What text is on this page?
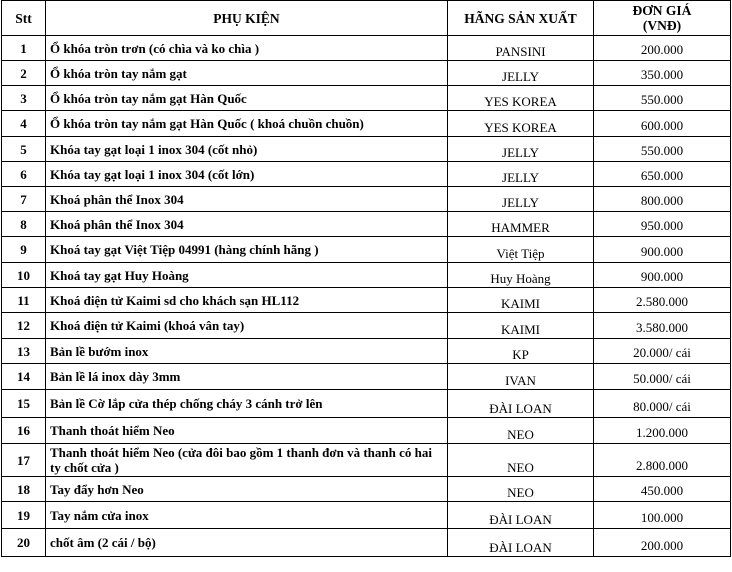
Stt	PHỤ KIỆN	HÃNG SẢN XUẤT	ĐƠN GIÁ
(VNĐ)

1	Ổ khóa tròn trơn (có chìa và ko chìa )	PANSINI	200.000
2	Ổ khóa tròn tay nắm gạt	JELLY	350.000
3	Ổ khóa tròn tay nắm gạt Hàn Quốc	YES KOREA	550.000
4	Ổ khóa tròn tay nắm gạt Hàn Quốc ( khoá chuồn chuồn)	YES KOREA	600.000
5	Khóa tay gạt loại 1 inox 304 (cốt nhỏ)	JELLY	550.000
6	Khóa tay gạt loại 1 inox 304 (cốt lớn)	JELLY	650.000
7	Khoá phân thể Inox 304	JELLY	800.000
8	Khoá phân thể Inox 304	HAMMER	950.000
9	Khoá tay gạt Việt Tiệp 04991 (hàng chính hãng )	Việt Tiệp	900.000
10	Khoá tay gạt Huy Hoàng	Huy Hoàng	900.000
11	Khoá điện tử Kaimi sd cho khách sạn HL112	KAIMI	2.580.000
12	Khoá điện tử Kaimi (khoá vân tay)	KAIMI	3.580.000
13	Bản lề bướm inox	KP	20.000/ cái
14	Bản lề lá inox dày 3mm	IVAN	50.000/ cái
15	Bản lề Cờ lắp cửa thép chống cháy 3 cánh trở lên	ĐÀI LOAN	80.000/ cái
16	Thanh thoát hiểm Neo	NEO	1.200.000
17	Thanh thoát hiểm Neo (cửa đôi bao gồm 1 thanh đơn và thanh có hai ty chốt cửa )	NEO	2.800.000
18	Tay đẩy hơn Neo	NEO	450.000
19	Tay nắm cửa inox	ĐÀI LOAN	100.000
20	chốt âm (2 cái / bộ)	ĐÀI LOAN	200.000
